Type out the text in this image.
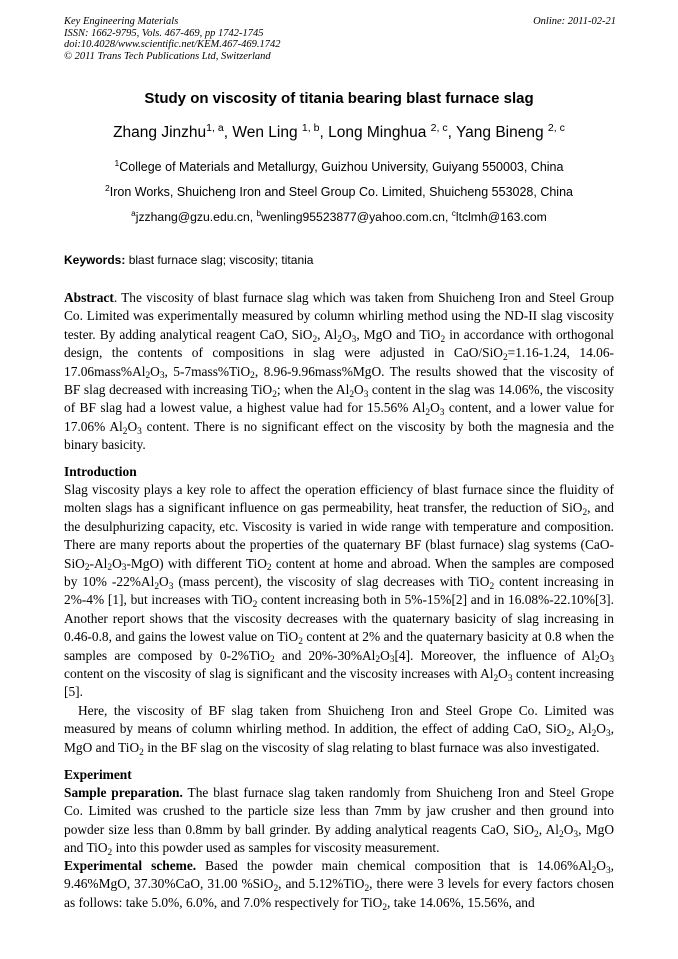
Key Engineering Materials
ISSN: 1662-9795, Vols. 467-469, pp 1742-1745
doi:10.4028/www.scientific.net/KEM.467-469.1742
© 2011 Trans Tech Publications Ltd, Switzerland
Online: 2011-02-21
Study on viscosity of titania bearing blast furnace slag
Zhang Jinzhu$^{1, a}$, Wen Ling $^{1, b}$, Long Minghua $^{2, c}$, Yang Bineng $^{2, c}$
$^1$College of Materials and Metallurgy, Guizhou University, Guiyang 550003, China
$^2$Iron Works, Shuicheng Iron and Steel Group Co. Limited, Shuicheng 553028, China
$^a$jzzhang@gzu.edu.cn, $^b$wenling95523877@yahoo.com.cn, $^c$ltclmh@163.com
Keywords: blast furnace slag; viscosity; titania
Abstract. The viscosity of blast furnace slag which was taken from Shuicheng Iron and Steel Group Co. Limited was experimentally measured by column whirling method using the ND-II slag viscosity tester. By adding analytical reagent CaO, SiO$_2$, $Al_2O_3$, MgO and TiO$_2$ in accordance with orthogonal design, the contents of compositions in slag were adjusted in CaO/SiO$_2$=1.16-1.24, $14.06-17.06mass\%Al_2O_3$, 5-7mass%TiO$_2$, 8.96-9.96mass%MgO. The results showed that the viscosity of BF slag decreased with increasing TiO$_2$; when the $Al_2O_3$ content in the slag was 14.06%, the viscosity of BF slag had a lowest value, a highest value had for 15.56% $Al_2O_3$ content, and a lower value for 17.06% $Al_2O_3$ content. There is no significant effect on the viscosity by both the magnesia and the binary basicity.
Introduction
Slag viscosity plays a key role to affect the operation efficiency of blast furnace since the fluidity of molten slags has a significant influence on gas permeability, heat transfer, the reduction of SiO$_2$, and the desulphurizing capacity, etc. Viscosity is varied in wide range with temperature and composition. There are many reports about the properties of the quaternary BF (blast furnace) slag systems $(CaO-SiO_2-Al_2O_3-MgO)$ with different TiO$_2$ content at home and abroad. When the samples are composed by 10% $-22\%Al_2O_3$ (mass percent), the viscosity of slag decreases with TiO$_2$ content increasing in 2%-4% [1], but increases with TiO$_2$ content increasing both in 5%-15%[2] and in 16.08%-22.10%[3]. Another report shows that the viscosity decreases with the quaternary basicity of slag increasing in 0.46-0.8, and gains the lowest value on TiO$_2$ content at 2% and the quaternary basicity at 0.8 when the samples are composed by 0-2%TiO$_2$ and $20\%-30\%Al_2O_3[4]$. Moreover, the influence of $Al_2O_3$ content on the viscosity of slag is significant and the viscosity increases with $Al_2O_3$ content increasing [5].
Here, the viscosity of BF slag taken from Shuicheng Iron and Steel Grope Co. Limited was measured by means of column whirling method. In addition, the effect of adding CaO, SiO$_2$, $Al_2O_3$, MgO and TiO$_2$ in the BF slag on the viscosity of slag relating to blast furnace was also investigated.
Experiment
Sample preparation. The blast furnace slag taken randomly from Shuicheng Iron and Steel Grope Co. Limited was crushed to the particle size less than 7mm by jaw crusher and then ground into powder size less than 0.8mm by ball grinder. By adding analytical reagents CaO, SiO$_2$, $Al_2O_3$, MgO and TiO$_2$ into this powder used as samples for viscosity measurement.
Experimental scheme. Based the powder main chemical composition that is $14.06\%Al_2O_3$, 9.46%MgO, 37.30%CaO, 31.00 %SiO$_2$, and 5.12%TiO$_2$, there were 3 levels for every factors chosen as follows: take 5.0%, 6.0%, and 7.0% respectively for TiO$_2$, take 14.06%, 15.56%, and
